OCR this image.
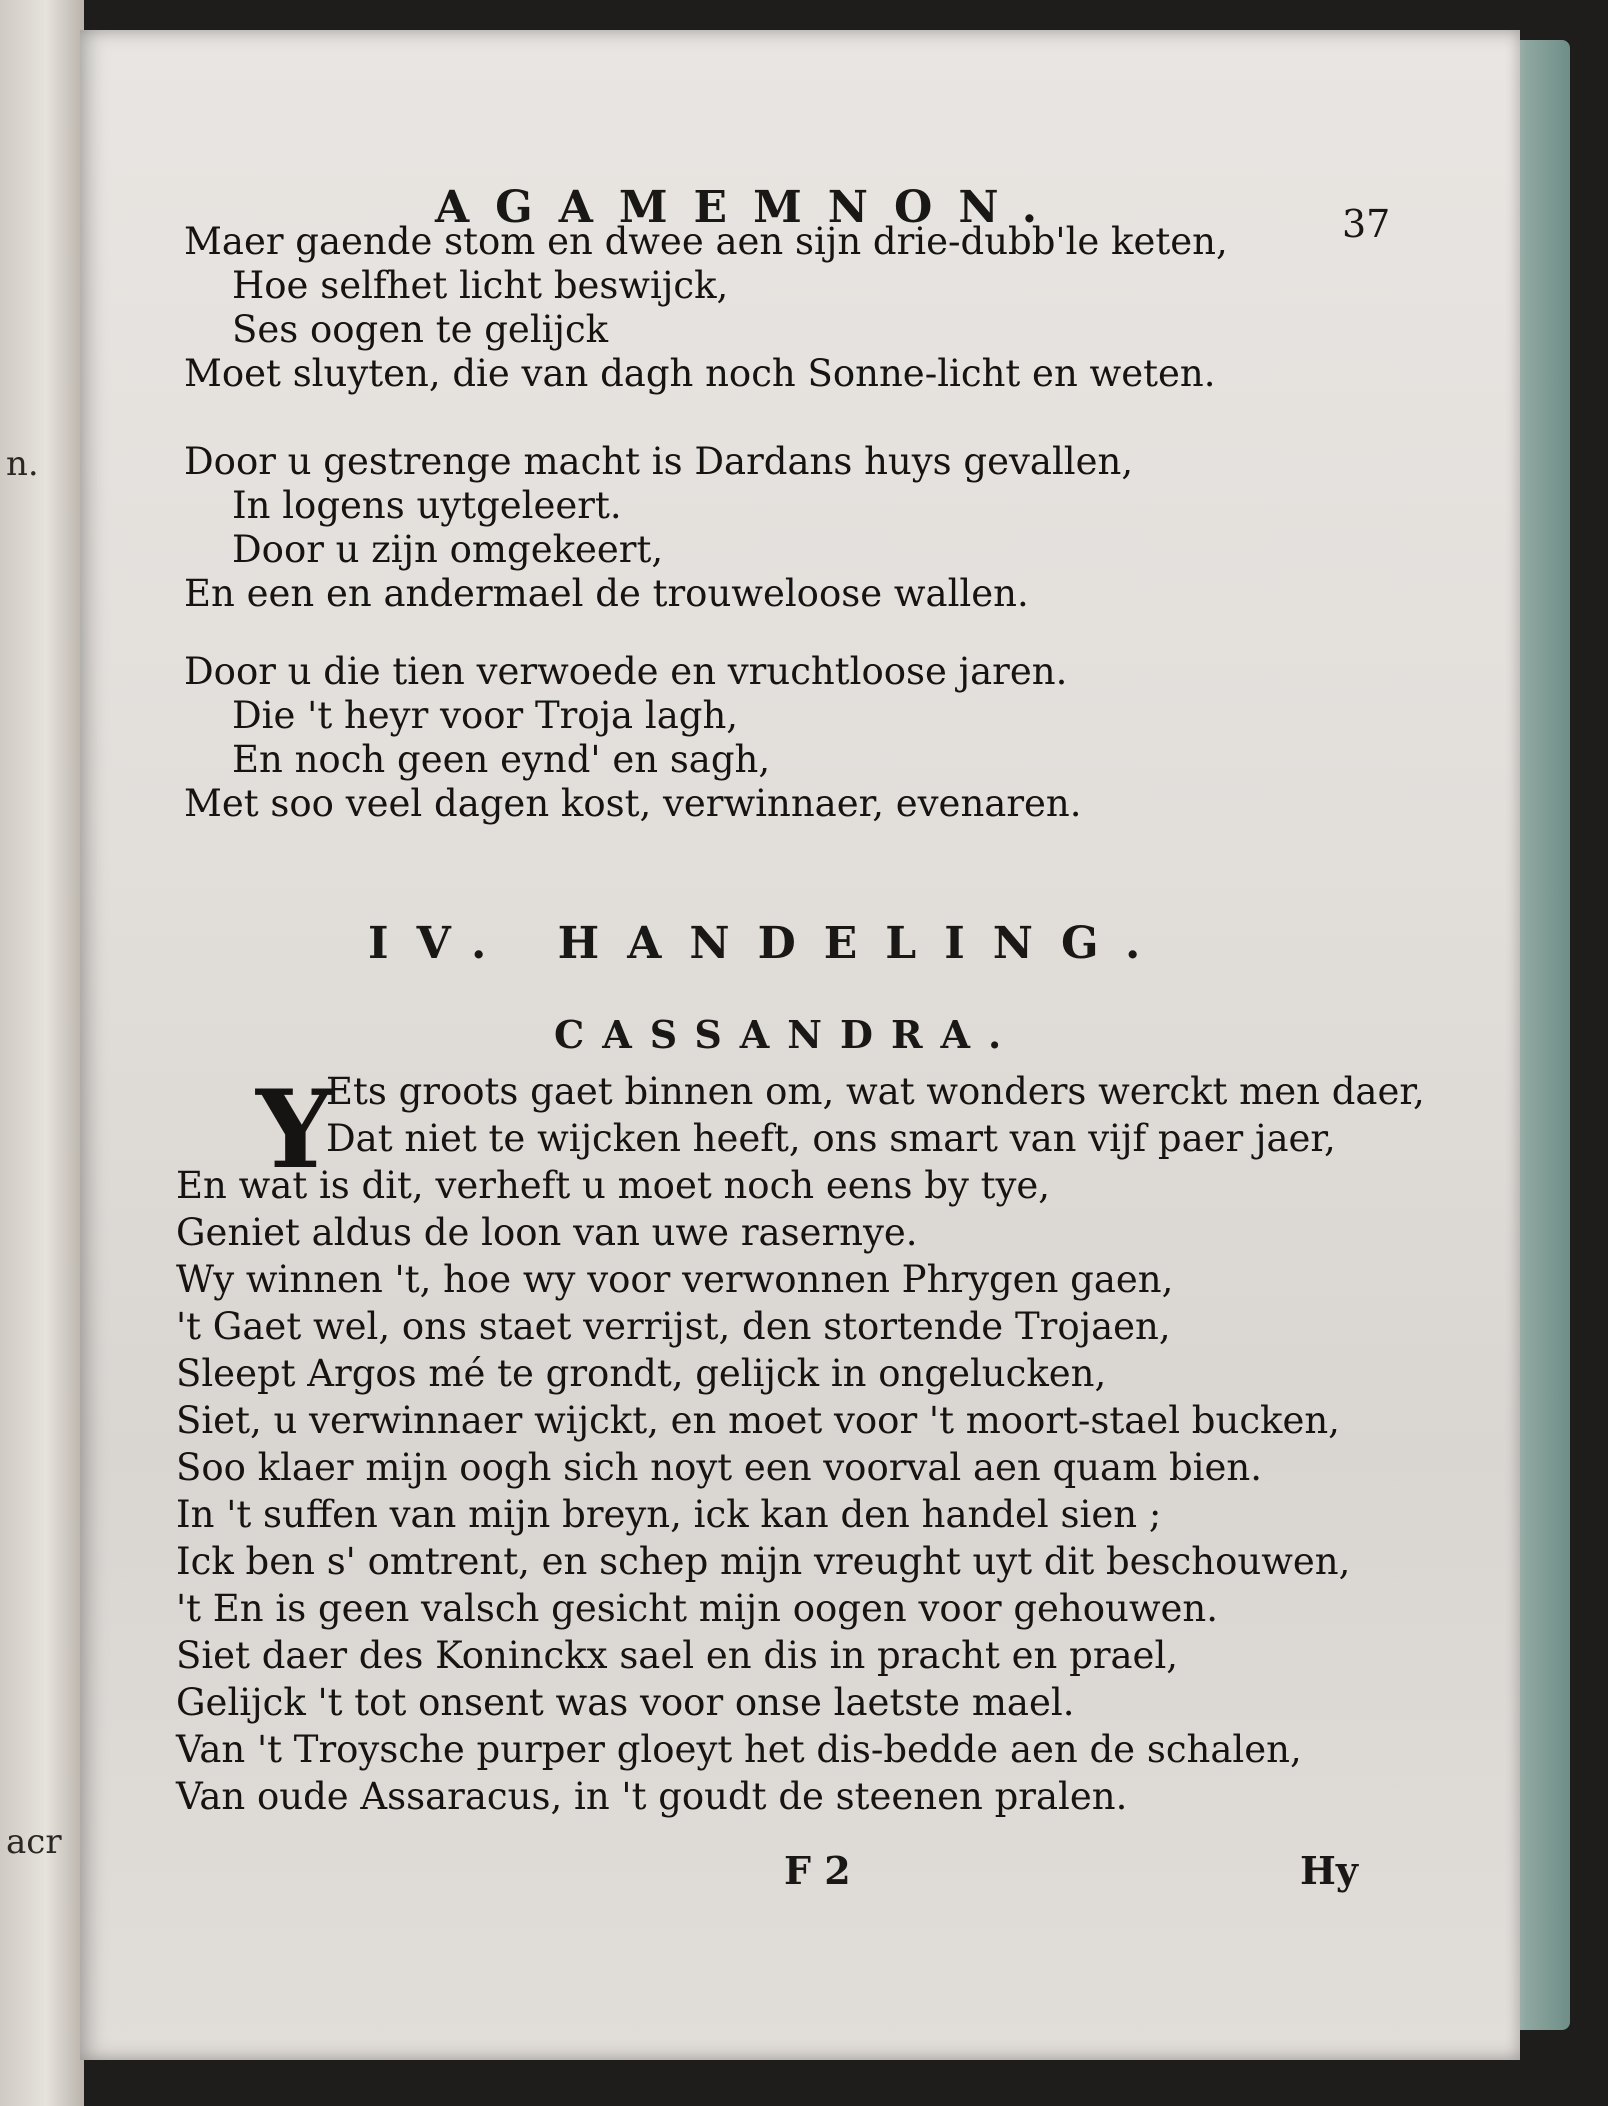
n.
acr
AGAMEMNON.	37
Maer gaende stom en dwee aen sijn drie-dubb'le keten,
Hoe selfhet licht beswijck,
Ses oogen te gelijck
Moet sluyten, die van dagh noch Sonne-licht en weten.
Door u gestrenge macht is Dardans huys gevallen,
In logens uytgeleert.
Door u zijn omgekeert,
En een en andermael de trouweloose wallen.
Door u die tien verwoede en vruchtloose jaren.
Die 't heyr voor Troja lagh,
En noch geen eynd' en sagh,
Met soo veel dagen kost, verwinnaer, evenaren.
IV. HANDELING.
CASSANDRA.
Y
Ets groots gaet binnen om, wat wonders werckt men daer,
Dat niet te wijcken heeft, ons smart van vijf paer jaer,
En wat is dit, verheft u moet noch eens by tye,
Geniet aldus de loon van uwe rasernye.
Wy winnen 't, hoe wy voor verwonnen Phrygen gaen,
't Gaet wel, ons staet verrijst, den stortende Trojaen,
Sleept Argos mé te grondt, gelijck in ongelucken,
Siet, u verwinnaer wijckt, en moet voor 't moort-stael bucken,
Soo klaer mijn oogh sich noyt een voorval aen quam bien.
In 't suffen van mijn breyn, ick kan den handel sien ;
Ick ben s' omtrent, en schep mijn vreught uyt dit beschouwen,
't En is geen valsch gesicht mijn oogen voor gehouwen.
Siet daer des Koninckx sael en dis in pracht en prael,
Gelijck 't tot onsent was voor onse laetste mael.
Van 't Troysche purper gloeyt het dis-bedde aen de schalen,
Van oude Assaracus, in 't goudt de steenen pralen.
F 2	Hy
